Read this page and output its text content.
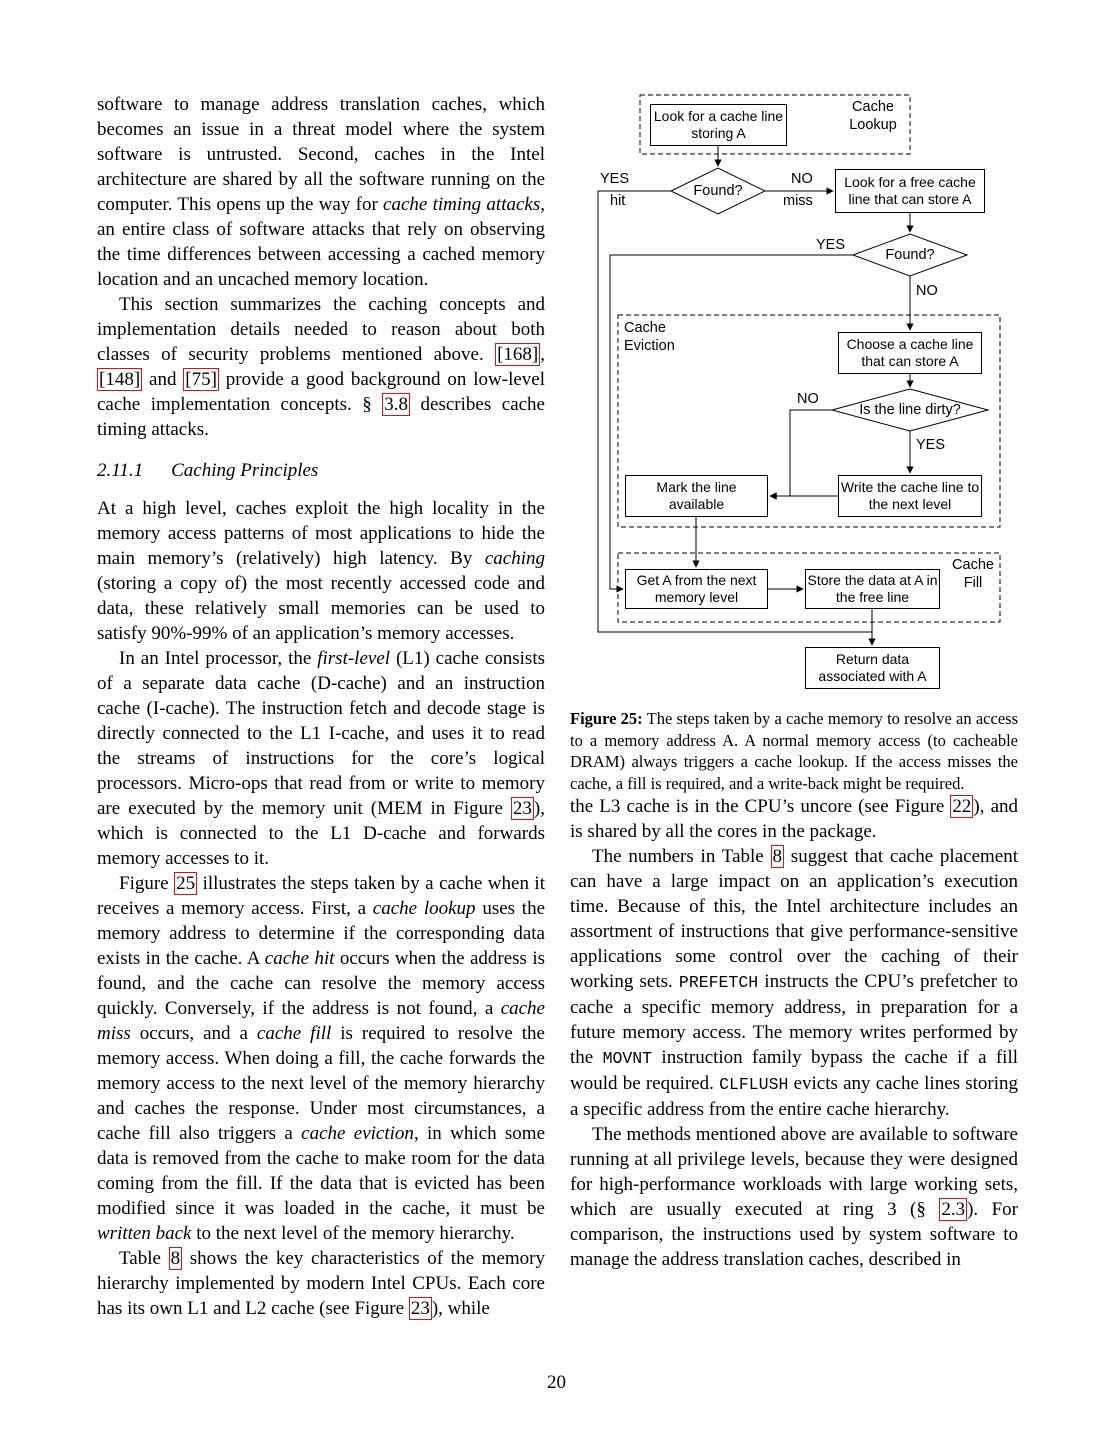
software to manage address translation caches, which becomes an issue in a threat model where the system software is untrusted. Second, caches in the Intel architecture are shared by all the software running on the computer. This opens up the way for cache timing attacks, an entire class of software attacks that rely on observing the time differences between accessing a cached memory location and an uncached memory location.

This section summarizes the caching concepts and implementation details needed to reason about both classes of security problems mentioned above. [168] , [148] and [75] provide a good background on low-level cache implementation concepts. § 3.8 describes cache timing attacks.

2.11.1 Caching Principles

At a high level, caches exploit the high locality in the memory access patterns of most applications to hide the main memory’s (relatively) high latency. By caching (storing a copy of) the most recently accessed code and data, these relatively small memories can be used to satisfy 90%-99% of an application’s memory accesses.

In an Intel processor, the first-level (L1) cache consists of a separate data cache (D-cache) and an instruction cache (I-cache). The instruction fetch and decode stage is directly connected to the L1 I-cache, and uses it to read the streams of instructions for the core’s logical processors. Micro-ops that read from or write to memory are executed by the memory unit (MEM in Figure 23 ), which is connected to the L1 D-cache and forwards memory accesses to it.

Figure 25 illustrates the steps taken by a cache when it receives a memory access. First, a cache lookup uses the memory address to determine if the corresponding data exists in the cache. A cache hit occurs when the address is found, and the cache can resolve the memory access quickly. Conversely, if the address is not found, a cache miss occurs, and a cache fill is required to resolve the memory access. When doing a fill, the cache forwards the memory access to the next level of the memory hierarchy and caches the response. Under most circumstances, a cache fill also triggers a cache eviction, in which some data is removed from the cache to make room for the data coming from the fill. If the data that is evicted has been modified since it was loaded in the cache, it must be written back to the next level of the memory hierarchy.

Table 8 shows the key characteristics of the memory hierarchy implemented by modern Intel CPUs. Each core has its own L1 and L2 cache (see Figure 23 ), while

Look for a cache line storing A
Look for a free cache line that can store A
Choose a cache line that can store A
Mark the line available
Write the cache line to the next level
Get A from the next memory level
Store the data at A in the free line
Return data associated with A
Found?
Found?
Is the line dirty?
YES
hit
NO
miss
YES
NO
NO
YES
Cache
Lookup
Cache
Eviction
Cache
Fill

Figure 25: The steps taken by a cache memory to resolve an access to a memory address A. A normal memory access (to cacheable DRAM) always triggers a cache lookup. If the access misses the cache, a fill is required, and a write-back might be required.

the L3 cache is in the CPU’s uncore (see Figure 22 ), and is shared by all the cores in the package.

The numbers in Table 8 suggest that cache placement can have a large impact on an application’s execution time. Because of this, the Intel architecture includes an assortment of instructions that give performance-sensitive applications some control over the caching of their working sets. PREFETCH instructs the CPU’s prefetcher to cache a specific memory address, in preparation for a future memory access. The memory writes performed by the MOVNT instruction family bypass the cache if a fill would be required. CLFLUSH evicts any cache lines storing a specific address from the entire cache hierarchy.

The methods mentioned above are available to software running at all privilege levels, because they were designed for high-performance workloads with large working sets, which are usually executed at ring 3 (§ 2.3 ). For comparison, the instructions used by system software to manage the address translation caches, described in

20
